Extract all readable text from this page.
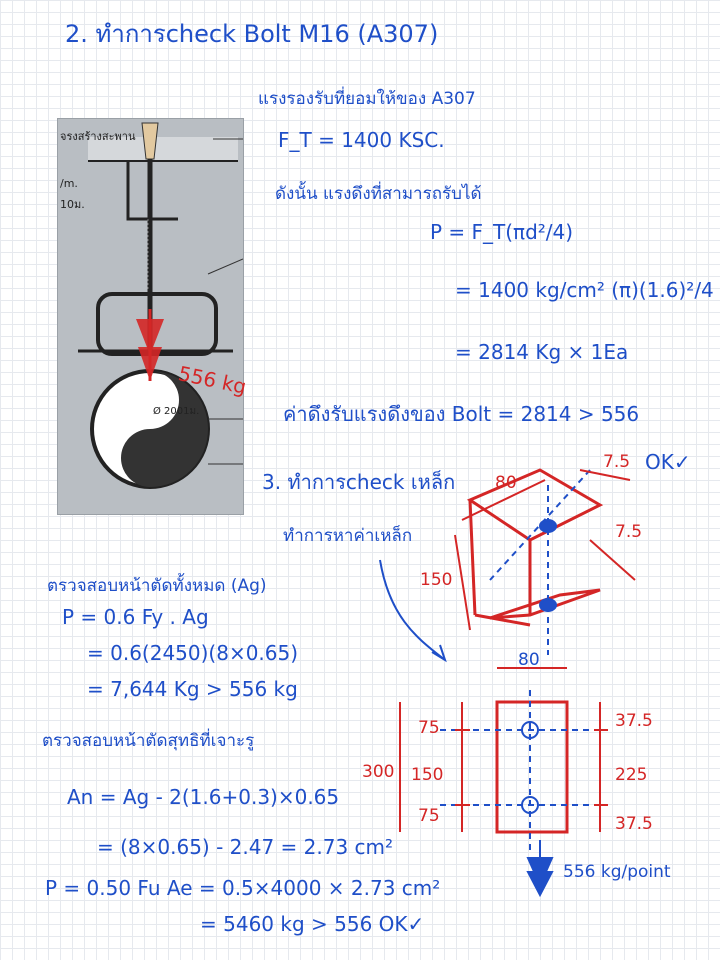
2. ทำการcheck Bolt M16 (A307)
แรงรองรับที่ยอมให้ของ A307
F_T = 1400 KSC.
ดังนั้น แรงดึงที่สามารถรับได้
P = F_T(πd²/4)
= 1400 kg/cm² (π)(1.6)²/4
= 2814 Kg × 1Ea
ค่าดึงรับแรงดึงของ Bolt = 2814 > 556
จรงสร้างสะพาน
/m.
10ม.
Ø 2001ม.
556 kg
OK✓
3. ทำการcheck เหล็ก
ทำการหาค่าเหล็ก
80
7.5
7.5
150
ตรวจสอบหน้าตัดทั้งหมด (Ag)
P = 0.6 Fy . Ag
= 0.6(2450)(8×0.65)
= 7,644 Kg > 556 kg
80
300
75
150
75
37.5
225
37.5
556 kg/point
ตรวจสอบหน้าตัดสุทธิที่เจาะรู
An = Ag - 2(1.6+0.3)×0.65
= (8×0.65) - 2.47 = 2.73 cm²
P = 0.50 Fu Ae = 0.5×4000 × 2.73 cm²
= 5460 kg > 556 OK✓
